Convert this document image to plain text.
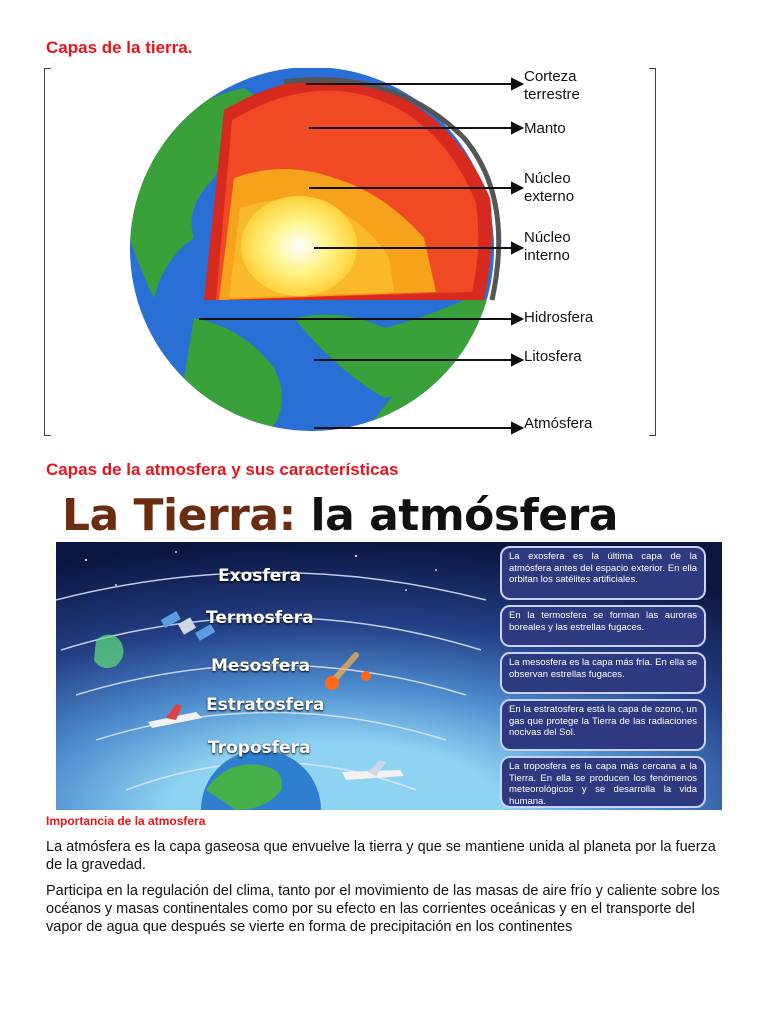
Capas de la tierra.
Corteza
terrestre
Manto
Núcleo
externo
Núcleo
interno
Hidrosfera
Litosfera
Atmósfera
Capas de la atmosfera y sus características
La Tierra: la atmósfera
Exosfera
Termosfera
Mesosfera
Estratosfera
Troposfera
La exosfera es la última capa de la atmósfera antes del espacio exterior. En ella orbitan los satélites artificiales.
En la termosfera se forman las auroras boreales y las estrellas fugaces.
La mesosfera es la capa más fría. En ella se observan estrellas fugaces.
En la estratosfera está la capa de ozono, un gas que protege la Tierra de las radiaciones nocivas del Sol.
La troposfera es la capa más cercana a la Tierra. En ella se producen los fenómenos meteorológicos y se desarrolla la vida humana.
Importancia de la atmosfera

La atmósfera es la capa gaseosa que envuelve la tierra y que se mantiene unida al planeta por la fuerza de la gravedad.

Participa en la regulación del clima, tanto por el movimiento de las masas de aire frío y caliente sobre los océanos y masas continentales como por su efecto en las corrientes oceánicas y en el transporte del vapor de agua que después se vierte en forma de precipitación en los continentes
